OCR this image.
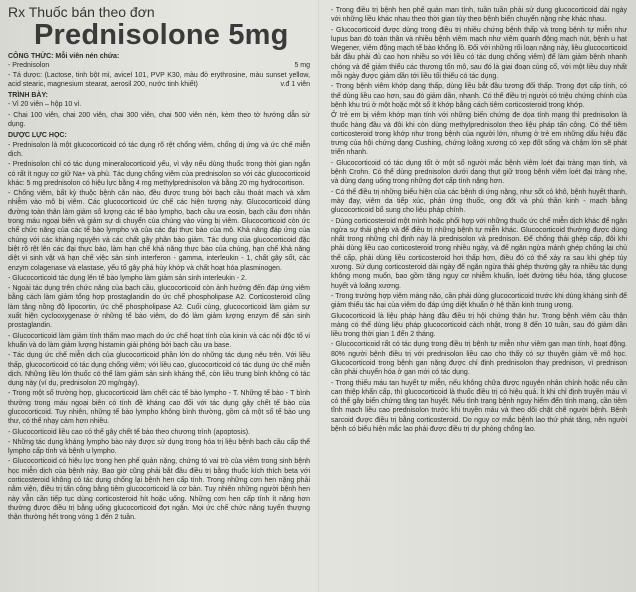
Rx Thuốc bán theo đơn
Prednisolone 5mg
CÔNG THỨC: Mỗi viên nén chứa:
- Prednisolon	5 mg

- Tá dược: (Lactose, tinh bột mì, avicel 101, PVP K30, màu đỏ erythrosine, màu sunset yellow, acid stearic, magnesium stearat, aerosil 200, nước tinh khiết)	v.đ 1 viên

TRÌNH BÀY:

- Vỉ 20 viên – hộp 10 vỉ.

- Chai 100 viên, chai 200 viên, chai 300 viên, chai 500 viên nén, kèm theo tờ hướng dẫn sử dụng.

DƯỢC LỰC HỌC:

- Prednisolon là một glucocorticoid có tác dụng rõ rệt chống viêm, chống dị ứng và ức chế miễn dịch.

- Prednisolon chỉ có tác dụng mineralocorticoid yếu, vì vậy nếu dùng thuốc trong thời gian ngắn có rất ít nguy cơ giữ Na+ và phù. Tác dụng chống viêm của prednisolon so với các glucocorticoid khác: 5 mg prednisolon có hiệu lực bằng 4 mg methylprednisolon và bằng 20 mg hydrocortison.

- Chống viêm, bất kỳ thuộc bệnh căn nào, đều được trung bởi bạch cầu thoát mạch và xâm nhiễm vào mô bị viêm. Các glucocorticoid ức chế các hiện tượng này. Glucocorticoid dùng đường toàn thân làm giảm số lượng các tế bào lympho, bạch cầu ưa eosin, bạch cầu đơn nhân trong máu ngoại biên và giảm sự di chuyển của chúng vào vùng bị viêm. Glucocorticoid còn ức chế chức năng của các tế bào lympho và của các đại thực bào của mô. Khả năng đáp ứng của chúng với các kháng nguyên và các chất gây phân bào giảm. Tác dụng của glucocorticoid đặc biệt rõ rệt lên các đại thực bào, làm hạn chế khả năng thực bào của chúng, hạn chế khả năng diệt vi sinh vật và hạn chế việc sản sinh interferon - gamma, interleukin - 1, chất gây sốt, các enzym colagenase và elastase, yếu tố gây phá hủy khớp và chất hoạt hóa plasminogen.

- Glucocorticoid tác dụng lên tế bào lympho làm giảm sản sinh interleukin - 2.

- Ngoài tác dụng trên chức năng của bạch cầu, glucocorticoid còn ảnh hưởng đến đáp ứng viêm bằng cách làm giảm tổng hợp prostaglandin do ức chế phospholipase A2. Corticosteroid cũng làm tăng nồng độ lipocortin, ức chế phospholipase A2. Cuối cùng, glucocorticoid làm giảm sự xuất hiện cyclooxygenase ở những tế bào viêm, do đó làm giảm lượng enzym để sản sinh prostaglandin.

- Glucocorticoid làm giảm tính thấm mao mạch do ức chế hoạt tính của kinin và các nội độc tố vi khuẩn và do làm giảm lượng histamin giải phóng bởi bạch cầu ưa base.

- Tác dụng ức chế miễn dịch của glucocorticoid phần lớn do những tác dụng nêu trên. Với liều thấp, glucocorticoid có tác dụng chống viêm; với liều cao, glucocorticoid có tác dụng ức chế miễn dịch. Những liều lớn thuốc có thể làm giảm sản sinh kháng thể, còn liều trung bình không có tác dụng này (ví dụ, prednisolon 20 mg/ngày).

- Trong một số trường hợp, glucocorticoid làm chết các tế bào lympho - T. Những tế bào - T bình thường trong máu ngoại biên có tính đề kháng cao đối với tác dụng gây chết tế bào của glucocorticoid. Tuy nhiên, những tế bào lympho không bình thường, gồm cả một số tế bào ung thư, có thể nhạy cảm hơn nhiều.

- Glucocorticoid liều cao có thể gây chết tế bào theo chương trình (apoptosis).

- Những tác dụng kháng lympho bào này được sử dụng trong hóa trị liệu bệnh bạch cầu cấp thể lympho cấp tính và bệnh u lympho.

- Glucocorticoid có hiệu lực trong hen phế quản nặng, chứng tỏ vai trò của viêm trong sinh bệnh học miễn dịch của bệnh này. Bao giờ cũng phải bắt đầu điều trị bằng thuốc kích thích beta với corticosteroid không có tác dụng chống lại bệnh hen cấp tính. Trong những cơn hen nặng phải nằm viện, điều trị tấn công bằng tiêm glucocorticoid là cơ bản. Tuy nhiên những người bệnh hen này vẫn cần tiếp tục dùng corticosteroid hít hoặc uống. Những cơn hen cấp tính ít nặng hơn thường được điều trị bằng uống glucocorticoid đợt ngắn. Mọi ức chế chức năng tuyến thượng thận thường hết trong vòng 1 đến 2 tuần.

- Trong điều trị bệnh hen phế quản mạn tính, tuần tuần phải sử dụng glucocorticoid dài ngày với những liều khác nhau theo thời gian tùy theo bệnh biến chuyển nặng nhẹ khác nhau.

- Glucocorticoid được dùng trong điều trị nhiều chứng bệnh thấp và trong bệnh tự miễn như lupus ban đỏ toàn thân và nhiều bệnh viêm mạch như viêm quanh động mạch nút, bệnh u hạt Wegener, viêm động mạch tế bào khổng lồ. Đối với những rối loạn nặng này, liều glucocorticoid bắt đầu phải đủ cao hơn nhiều so với liều có tác dụng chống viêm) để làm giảm bệnh nhanh chóng và để giảm thiểu các thương tổn mô, sau đó là giai đoạn củng cố, với một liều duy nhất mỗi ngày được giảm dần tới liều tối thiểu có tác dụng.

- Trong bệnh viêm khớp dạng thấp, dùng liều bắt đầu tương đối thấp. Trong đợt cấp tính, có thể dùng liều cao hơn, sau đó giảm dần, nhanh. Có thể điều trị người có triệu chứng chính của bệnh khu trú ở một hoặc một số ít khớp bằng cách tiêm corticosteroid trong khớp.

Ở trẻ em bị viêm khớp mạn tính với những biến chứng đe dọa tính mạng thì prednisolon là thuốc hàng đầu và đôi khi còn dùng methylprednisolon theo liệu pháp tấn công. Có thể tiêm corticosteroid trong khớp như trong bệnh của người lớn, nhưng ở trẻ em những dấu hiệu đặc trưng của hội chứng dạng Cushing, chứng loãng xương có xẹp đốt sống và chậm lớn sẽ phát triển nhanh.

- Glucocorticoid có tác dụng tốt ở một số người mắc bệnh viêm loét đại tràng mạn tính, và bệnh Crohn. Có thể dùng prednisolon dưới dạng thụt giữ trong bệnh viêm loét đại tràng nhẹ, và dùng dạng uống trong những đợt cấp tính nặng hơn.

- Có thể điều trị những biểu hiện của các bệnh di ứng nặng, như sốt cỏ khô, bệnh huyết thanh, mày đay, viêm da tiếp xúc, phản ứng thuốc, ong đốt và phù thần kinh - mạch bằng glucocorticoid bổ sung cho liệu pháp chính.

- Dùng corticosteroid một mình hoặc phối hợp với những thuốc ức chế miễn dịch khác để ngăn ngừa sự thải ghép và để điều trị những bệnh tự miễn khác. Glucocorticoid thường được dùng nhất trong những chỉ định này là prednisolon và prednison. Để chống thải ghép cấp, đôi khi phải dùng liều cao corticosteroid trong nhiều ngày, và để ngăn ngừa mảnh ghép chống lại chủ thể cấp, phải dùng liều corticosteroid hơi thấp hơn, điều đó có thể xảy ra sau khi ghép tủy xương. Sử dụng corticosteroid dài ngày để ngăn ngừa thải ghép thường gây ra nhiều tác dụng không mong muốn, bao gồm tăng nguy cơ nhiễm khuẩn, loét đường tiêu hóa, tăng glucose huyết và loãng xương.

- Trong trường hợp viêm màng não, cần phải dùng glucocorticoid trước khi dùng kháng sinh để giảm thiểu tác hại của viêm do đáp ứng diệt khuẩn ở hệ thần kinh trung ương.

Glucocorticoid là liệu pháp hàng đầu điều trị hội chứng thận hư. Trong bệnh viêm cầu thận màng có thể dùng liệu pháp glucocorticoid cách nhật, trong 8 đến 10 tuần, sau đó giảm dần liều trong thời gian 1 đến 2 tháng.

- Glucocorticoid rất có tác dụng trong điều trị bệnh tự miễn như viêm gan mạn tính, hoạt động. 80% người bệnh điều trị với prednisolon liều cao cho thấy có sự thuyên giảm về mô học. Glucocorticoid trong bệnh gan nặng được chỉ định prednisolon thay prednison, vì prednison cần phải chuyển hóa ở gan mới có tác dụng.

- Trong thiếu máu tan huyết tự miễn, nếu không chữa được nguyên nhân chính hoặc nếu cần can thiệp khẩn cấp, thì glucocorticoid là thuốc điều trị có hiệu quả. Ít khi chỉ định truyền máu vì có thể gây biến chứng tăng tan huyết. Nếu tình trạng bệnh nguy hiểm đến tính mạng, cần tiêm tĩnh mạch liều cao prednisolon trước khi truyền máu và theo dõi chặt chẽ người bệnh. Bệnh sarcoid được điều trị bằng corticosteroid. Do nguy cơ mắc bệnh lao thứ phát tăng, nên người bệnh có biểu hiện mắc lao phải được điều trị dự phòng chống lao.
